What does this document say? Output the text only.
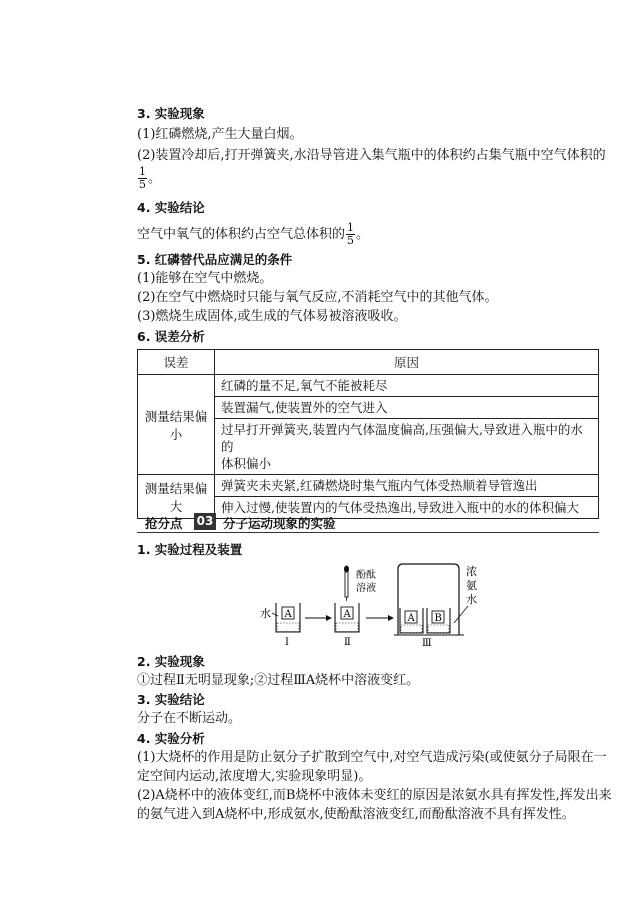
3. 实验现象
(1)红磷燃烧,产生大量白烟。
(2)装置冷却后,打开弹簧夹,水沿导管进入集气瓶中的体积约占集气瓶中空气体积的
$\frac{1}{5}$ 。
4. 实验结论
空气中氧气的体积约占空气总体积的 $\frac{1}{5}$ 。
5. 红磷替代品应满足的条件
(1)能够在空气中燃烧。
(2)在空气中燃烧时只能与氧气反应,不消耗空气中的其他气体。
(3)燃烧生成固体,或生成的气体易被溶液吸收。
6. 误差分析
误差	原因
测量结果偏小	红磷的量不足,氧气不能被耗尽
	装置漏气,使装置外的空气进入

	过早打开弹簧夹,装置内气体温度偏高,压强偏大,导致进入瓶中的水的
体积偏小

测量结果偏大	弹簧夹未夹紧,红磷燃烧时集气瓶内气体受热顺着导管逸出
	伸入过慢,使装置内的气体受热逸出,导致进入瓶中的水的体积偏大
抢分点 03 分子运动现象的实验
1. 实验过程及装置
水 A
Ⅰ
酚酞
溶液
A
Ⅱ
A B
浓
氨
水
Ⅲ
2. 实验现象
①过程Ⅱ无明显现象;②过程ⅢA烧杯中溶液变红。
3. 实验结论
分子在不断运动。
4. 实验分析
(1)大烧杯的作用是防止氨分子扩散到空气中,对空气造成污染(或使氨分子局限在一
定空间内运动,浓度增大,实验现象明显)。
(2)A烧杯中的液体变红,而B烧杯中液体未变红的原因是浓氨水具有挥发性,挥发出来
的氨气进入到A烧杯中,形成氨水,使酚酞溶液变红,而酚酞溶液不具有挥发性。
